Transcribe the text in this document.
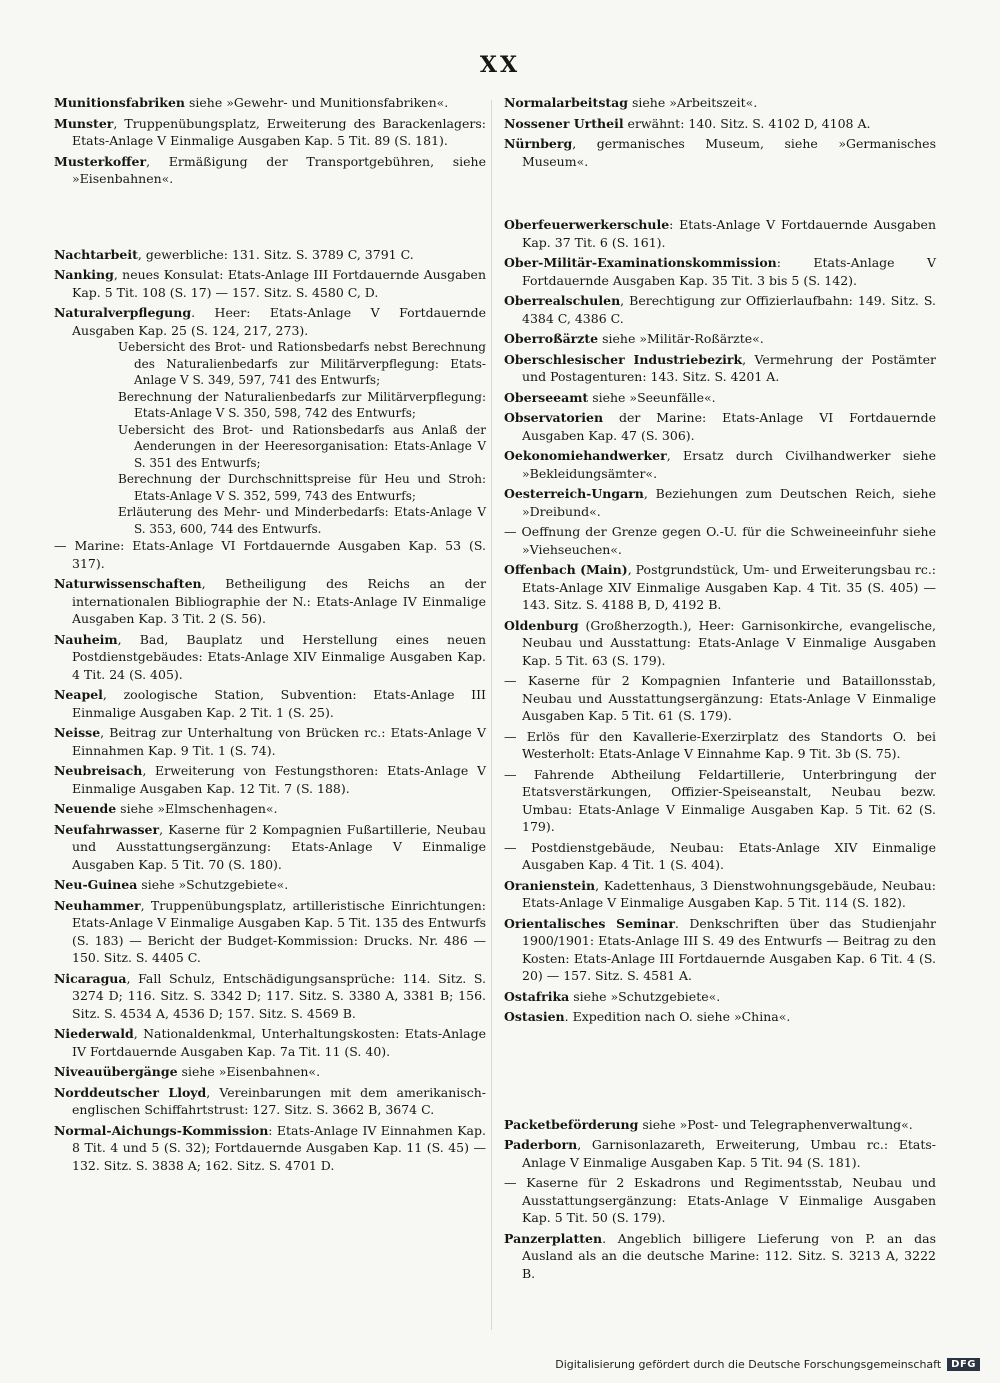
XX

Munitionsfabriken siehe »Gewehr- und Munitionsfabriken«.

Munster, Truppenübungsplatz, Erweiterung des Barackenlagers: Etats-Anlage V Einmalige Ausgaben Kap. 5 Tit. 89 (S. 181).

Musterkoffer, Ermäßigung der Transportgebühren, siehe »Eisenbahnen«.

Nachtarbeit, gewerbliche: 131. Sitz. S. 3789 C, 3791 C.

Nanking, neues Konsulat: Etats-Anlage III Fortdauernde Ausgaben Kap. 5 Tit. 108 (S. 17) — 157. Sitz. S. 4580 C, D.

Naturalverpflegung. Heer: Etats-Anlage V Fortdauernde Ausgaben Kap. 25 (S. 124, 217, 273).

Uebersicht des Brot- und Rationsbedarfs nebst Berechnung des Naturalienbedarfs zur Militärverpflegung: Etats-Anlage V S. 349, 597, 741 des Entwurfs;

Berechnung der Naturalienbedarfs zur Militärverpflegung: Etats-Anlage V S. 350, 598, 742 des Entwurfs;

Uebersicht des Brot- und Rationsbedarfs aus Anlaß der Aenderungen in der Heeresorganisation: Etats-Anlage V S. 351 des Entwurfs;

Berechnung der Durchschnittspreise für Heu und Stroh: Etats-Anlage V S. 352, 599, 743 des Entwurfs;

Erläuterung des Mehr- und Minderbedarfs: Etats-Anlage V S. 353, 600, 744 des Entwurfs.

— Marine: Etats-Anlage VI Fortdauernde Ausgaben Kap. 53 (S. 317).

Naturwissenschaften, Betheiligung des Reichs an der internationalen Bibliographie der N.: Etats-Anlage IV Einmalige Ausgaben Kap. 3 Tit. 2 (S. 56).

Nauheim, Bad, Bauplatz und Herstellung eines neuen Postdienstgebäudes: Etats-Anlage XIV Einmalige Ausgaben Kap. 4 Tit. 24 (S. 405).

Neapel, zoologische Station, Subvention: Etats-Anlage III Einmalige Ausgaben Kap. 2 Tit. 1 (S. 25).

Neisse, Beitrag zur Unterhaltung von Brücken rc.: Etats-Anlage V Einnahmen Kap. 9 Tit. 1 (S. 74).

Neubreisach, Erweiterung von Festungsthoren: Etats-Anlage V Einmalige Ausgaben Kap. 12 Tit. 7 (S. 188).

Neuende siehe »Elmschenhagen«.

Neufahrwasser, Kaserne für 2 Kompagnien Fußartillerie, Neubau und Ausstattungsergänzung: Etats-Anlage V Einmalige Ausgaben Kap. 5 Tit. 70 (S. 180).

Neu-Guinea siehe »Schutzgebiete«.

Neuhammer, Truppenübungsplatz, artilleristische Einrichtungen: Etats-Anlage V Einmalige Ausgaben Kap. 5 Tit. 135 des Entwurfs (S. 183) — Bericht der Budget-Kommission: Drucks. Nr. 486 — 150. Sitz. S. 4405 C.

Nicaragua, Fall Schulz, Entschädigungsansprüche: 114. Sitz. S. 3274 D; 116. Sitz. S. 3342 D; 117. Sitz. S. 3380 A, 3381 B; 156. Sitz. S. 4534 A, 4536 D; 157. Sitz. S. 4569 B.

Niederwald, Nationaldenkmal, Unterhaltungskosten: Etats-Anlage IV Fortdauernde Ausgaben Kap. 7a Tit. 11 (S. 40).

Niveauübergänge siehe »Eisenbahnen«.

Norddeutscher Lloyd, Vereinbarungen mit dem amerikanisch-englischen Schiffahrtstrust: 127. Sitz. S. 3662 B, 3674 C.

Normal-Aichungs-Kommission: Etats-Anlage IV Einnahmen Kap. 8 Tit. 4 und 5 (S. 32); Fortdauernde Ausgaben Kap. 11 (S. 45) — 132. Sitz. S. 3838 A; 162. Sitz. S. 4701 D.

Normalarbeitstag siehe »Arbeitszeit«.

Nossener Urtheil erwähnt: 140. Sitz. S. 4102 D, 4108 A.

Nürnberg, germanisches Museum, siehe »Germanisches Museum«.

Oberfeuerwerkerschule: Etats-Anlage V Fortdauernde Ausgaben Kap. 37 Tit. 6 (S. 161).

Ober-Militär-Examinationskommission: Etats-Anlage V Fortdauernde Ausgaben Kap. 35 Tit. 3 bis 5 (S. 142).

Oberrealschulen, Berechtigung zur Offizierlaufbahn: 149. Sitz. S. 4384 C, 4386 C.

Oberroßärzte siehe »Militär-Roßärzte«.

Oberschlesischer Industriebezirk, Vermehrung der Postämter und Postagenturen: 143. Sitz. S. 4201 A.

Oberseeamt siehe »Seeunfälle«.

Observatorien der Marine: Etats-Anlage VI Fortdauernde Ausgaben Kap. 47 (S. 306).

Oekonomiehandwerker, Ersatz durch Civilhandwerker siehe »Bekleidungsämter«.

Oesterreich-Ungarn, Beziehungen zum Deutschen Reich, siehe »Dreibund«.

— Oeffnung der Grenze gegen O.-U. für die Schweineeinfuhr siehe »Viehseuchen«.

Offenbach (Main), Postgrundstück, Um- und Erweiterungsbau rc.: Etats-Anlage XIV Einmalige Ausgaben Kap. 4 Tit. 35 (S. 405) — 143. Sitz. S. 4188 B, D, 4192 B.

Oldenburg (Großherzogth.), Heer: Garnisonkirche, evangelische, Neubau und Ausstattung: Etats-Anlage V Einmalige Ausgaben Kap. 5 Tit. 63 (S. 179).

— Kaserne für 2 Kompagnien Infanterie und Bataillonsstab, Neubau und Ausstattungsergänzung: Etats-Anlage V Einmalige Ausgaben Kap. 5 Tit. 61 (S. 179).

— Erlös für den Kavallerie-Exerzirplatz des Standorts O. bei Westerholt: Etats-Anlage V Einnahme Kap. 9 Tit. 3b (S. 75).

— Fahrende Abtheilung Feldartillerie, Unterbringung der Etatsverstärkungen, Offizier-Speiseanstalt, Neubau bezw. Umbau: Etats-Anlage V Einmalige Ausgaben Kap. 5 Tit. 62 (S. 179).

— Postdienstgebäude, Neubau: Etats-Anlage XIV Einmalige Ausgaben Kap. 4 Tit. 1 (S. 404).

Oranienstein, Kadettenhaus, 3 Dienstwohnungsgebäude, Neubau: Etats-Anlage V Einmalige Ausgaben Kap. 5 Tit. 114 (S. 182).

Orientalisches Seminar. Denkschriften über das Studienjahr 1900/1901: Etats-Anlage III S. 49 des Entwurfs — Beitrag zu den Kosten: Etats-Anlage III Fortdauernde Ausgaben Kap. 6 Tit. 4 (S. 20) — 157. Sitz. S. 4581 A.

Ostafrika siehe »Schutzgebiete«.

Ostasien. Expedition nach O. siehe »China«.

Packetbeförderung siehe »Post- und Telegraphenverwaltung«.

Paderborn, Garnisonlazareth, Erweiterung, Umbau rc.: Etats-Anlage V Einmalige Ausgaben Kap. 5 Tit. 94 (S. 181).

— Kaserne für 2 Eskadrons und Regimentsstab, Neubau und Ausstattungsergänzung: Etats-Anlage V Einmalige Ausgaben Kap. 5 Tit. 50 (S. 179).

Panzerplatten. Angeblich billigere Lieferung von P. an das Ausland als an die deutsche Marine: 112. Sitz. S. 3213 A, 3222 B.

Digitalisierung gefördert durch die Deutsche Forschungsgemeinschaft	DFG
